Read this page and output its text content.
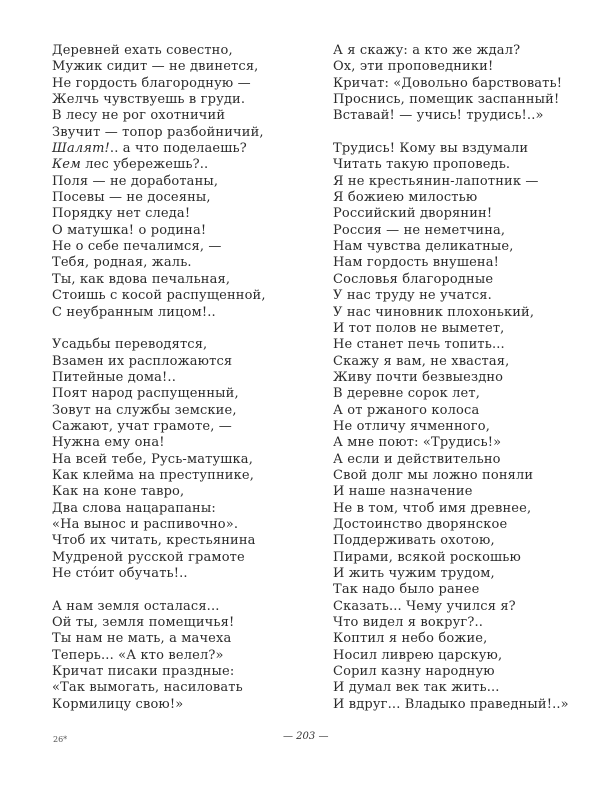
Деревней ехать совестно,
Мужик сидит — не двинется,
Не гордость благородную —
Желчь чувствуешь в груди.
В лесу не рог охотничий
Звучит — топор разбойничий,
Шалят!.. а что поделаешь?
Кем лес убережешь?..
Поля — не доработаны,
Посевы — не досеяны,
Порядку нет следа!
О матушка! о родина!
Не о себе печалимся, —
Тебя, родная, жаль.
Ты, как вдова печальная,
Стоишь с косой распущенной,
С неубранным лицом!..
Усадьбы переводятся,
Взамен их распложаются
Питейные дома!..
Поят народ распущенный,
Зовут на службы земские,
Сажают, учат грамоте, —
Нужна ему она!
На всей тебе, Русь-матушка,
Как клейма на преступнике,
Как на коне тавро,
Два слова нацарапаны:
«На вынос и распивочно».
Чтоб их читать, крестьянина
Мудреной русской грамоте
Не стóит обучать!..
А нам земля осталася...
Ой ты, земля помещичья!
Ты нам не мать, а мачеха
Теперь... «А кто велел?»
Кричат писаки праздные:
«Так вымогать, насиловать
Кормилицу свою!»
А я скажу: а кто же ждал?
Ох, эти проповедники!
Кричат: «Довольно барствовать!
Проснись, помещик заспанный!
Вставай! — учись! трудись!..»
Трудись! Кому вы вздумали
Читать такую проповедь.
Я не крестьянин-лапотник —
Я божиею милостью
Российский дворянин!
Россия — не неметчина,
Нам чувства деликатные,
Нам гордость внушена!
Сословья благородные
У нас труду не учатся.
У нас чиновник плохонький,
И тот полов не выметет,
Не станет печь топить...
Скажу я вам, не хвастая,
Живу почти безвыездно
В деревне сорок лет,
А от ржаного колоса
Не отличу ячменного,
А мне поют: «Трудись!»
А если и действительно
Свой долг мы ложно поняли
И наше назначение
Не в том, чтоб имя древнее,
Достоинство дворянское
Поддерживать охотою,
Пирами, всякой роскошью
И жить чужим трудом,
Так надо было ранее
Сказать... Чему учился я?
Что видел я вокруг?..
Коптил я небо божие,
Носил ливрею царскую,
Сорил казну народную
И думал век так жить...
И вдруг... Владыко праведный!..»
26*	— 203 —
